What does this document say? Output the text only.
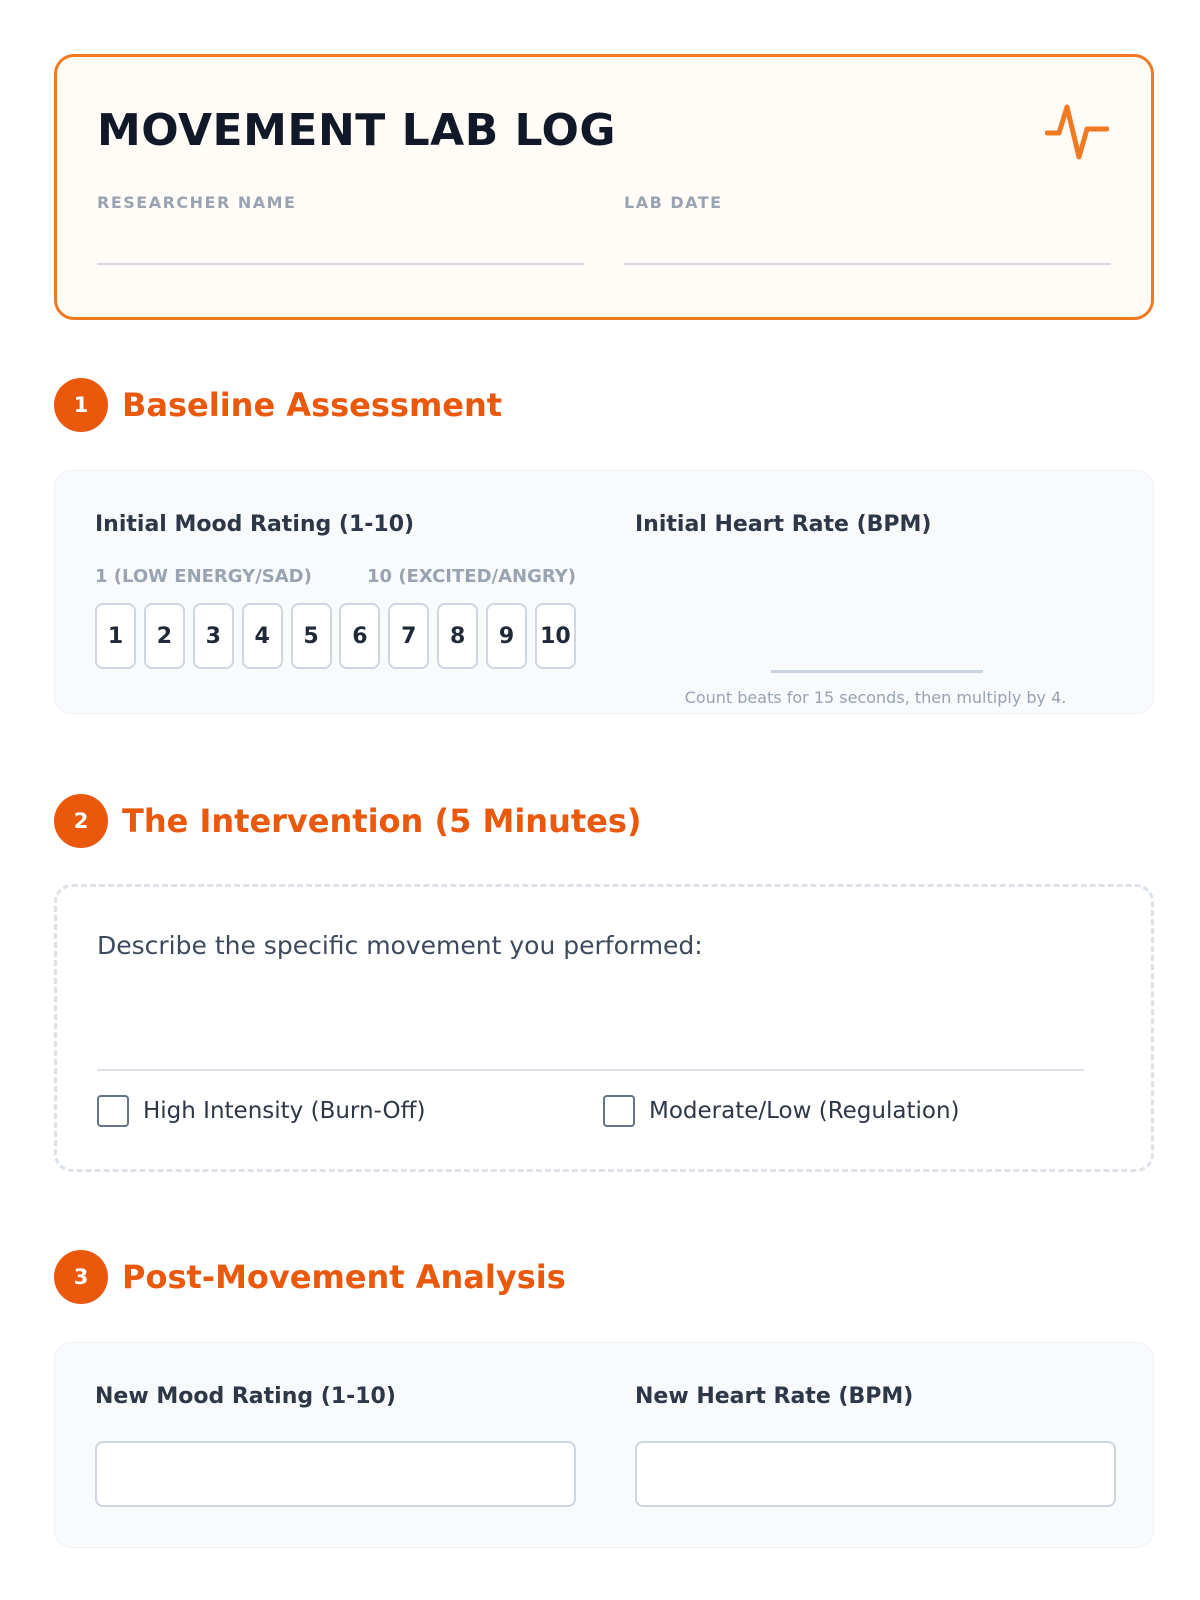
MOVEMENT LAB LOG
RESEARCHER NAME	LAB DATE
1	Baseline Assessment
Initial Mood Rating (1-10)
1 (LOW ENERGY/SAD)	10 (EXCITED/ANGRY)
1	2	3	4	5	6	7	8	9	10
Initial Heart Rate (BPM)
Count beats for 15 seconds, then multiply by 4.
2	The Intervention (5 Minutes)
Describe the specific movement you performed:
High Intensity (Burn-Off)	Moderate/Low (Regulation)
3	Post-Movement Analysis
New Mood Rating (1-10)	New Heart Rate (BPM)
